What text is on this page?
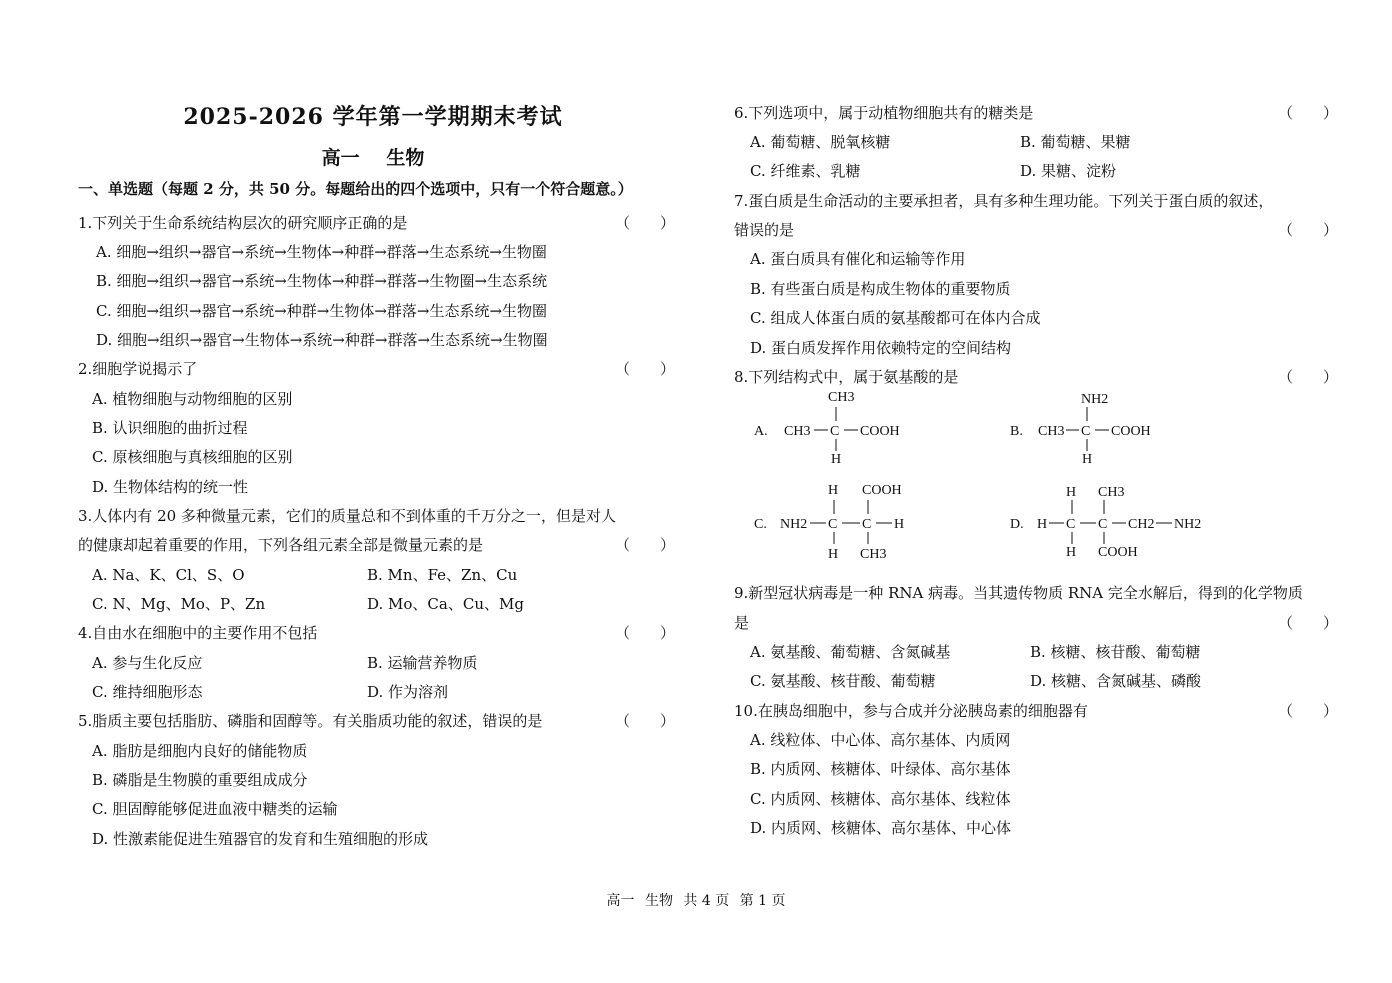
2025-2026 学年第一学期期末考试
高一 生物
一、单选题（每题 2 分，共 50 分。每题给出的四个选项中，只有一个符合题意。）
1.下列关于生命系统结构层次的研究顺序正确的是	（　　）
A. 细胞→组织→器官→系统→生物体→种群→群落→生态系统→生物圈
B. 细胞→组织→器官→系统→生物体→种群→群落→生物圈→生态系统
C. 细胞→组织→器官→系统→种群→生物体→群落→生态系统→生物圈
D. 细胞→组织→器官→生物体→系统→种群→群落→生态系统→生物圈
2.细胞学说揭示了	（　　）
A. 植物细胞与动物细胞的区别
B. 认识细胞的曲折过程
C. 原核细胞与真核细胞的区别
D. 生物体结构的统一性
3.人体内有 20 多种微量元素，它们的质量总和不到体重的千万分之一，但是对人
的健康却起着重要的作用，下列各组元素全部是微量元素的是	（　　）
A. Na、K、Cl、S、O	B. Mn、Fe、Zn、Cu
C. N、Mg、Mo、P、Zn	D. Mo、Ca、Cu、Mg
4.自由水在细胞中的主要作用不包括	（　　）
A. 参与生化反应	B. 运输营养物质
C. 维持细胞形态	D. 作为溶剂
5.脂质主要包括脂肪、磷脂和固醇等。有关脂质功能的叙述，错误的是	（　　）
A. 脂肪是细胞内良好的储能物质
B. 磷脂是生物膜的重要组成成分
C. 胆固醇能够促进血液中糖类的运输
D. 性激素能促进生殖器官的发育和生殖细胞的形成
6.下列选项中，属于动植物细胞共有的糖类是	（　　）
A. 葡萄糖、脱氧核糖	B. 葡萄糖、果糖
C. 纤维素、乳糖	D. 果糖、淀粉
7.蛋白质是生命活动的主要承担者，具有多种生理功能。下列关于蛋白质的叙述，
错误的是	（　　）
A. 蛋白质具有催化和运输等作用
B. 有些蛋白质是构成生物体的重要物质
C. 组成人体蛋白质的氨基酸都可在体内合成
D. 蛋白质发挥作用依赖特定的空间结构
8.下列结构式中，属于氨基酸的是	（　　）
A.
CH3
CH3 C COOH
H
B.
NH2
CH3 C COOH
H
C. NH2
H
C
H
COOH
C
CH3
H	D. H
H
C
H
CH3
C
COOH
CH2 NH2
9.新型冠状病毒是一种 RNA 病毒。当其遗传物质 RNA 完全水解后，得到的化学物质
是	（　　）
A. 氨基酸、葡萄糖、含氮碱基	B. 核糖、核苷酸、葡萄糖
C. 氨基酸、核苷酸、葡萄糖	D. 核糖、含氮碱基、磷酸
10.在胰岛细胞中，参与合成并分泌胰岛素的细胞器有	（　　）
A. 线粒体、中心体、高尔基体、内质网
B. 内质网、核糖体、叶绿体、高尔基体
C. 内质网、核糖体、高尔基体、线粒体
D. 内质网、核糖体、高尔基体、中心体
高一 生物 共 4 页 第 1 页
